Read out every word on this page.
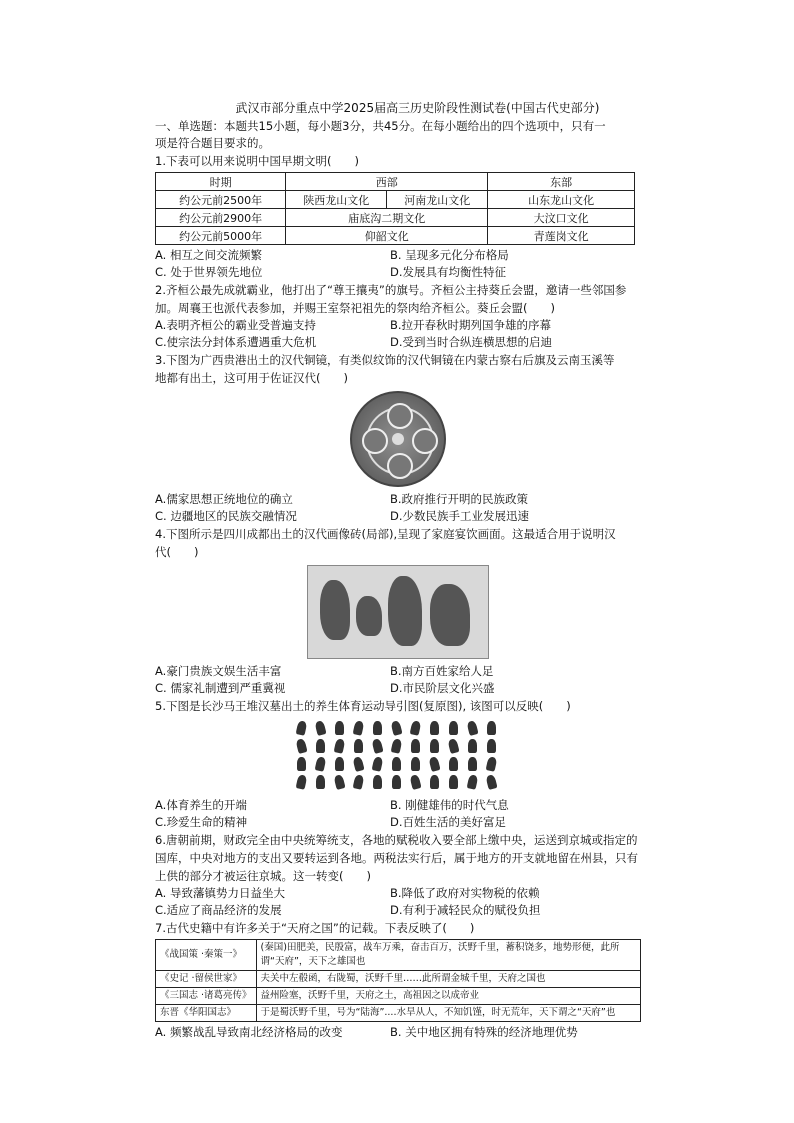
武汉市部分重点中学2025届高三历史阶段性测试卷(中国古代史部分)

一、单选题：本题共15小题，每小题3分，共45分。在每小题给出的四个选项中，只有一
项是符合题目要求的。

1.下表可以用来说明中国早期文明(　　)

时期	西部		东部
约公元前2500年	陕西龙山文化	河南龙山文化	山东龙山文化
约公元前2900年	庙底沟二期文化		大汶口文化
约公元前5000年	仰韶文化		青莲岗文化
A. 相互之间交流频繁	B. 呈现多元化分布格局
C. 处于世界领先地位	D.发展具有均衡性特征

2.齐桓公最先成就霸业，他打出了“尊王攘夷”的旗号。齐桓公主持葵丘会盟，邀请一些邻国参
加。周襄王也派代表参加，并赐王室祭祀祖先的祭肉给齐桓公。葵丘会盟(　　)

A.表明齐桓公的霸业受普遍支持	B.拉开春秋时期列国争雄的序幕
C.使宗法分封体系遭遇重大危机	D.受到当时合纵连横思想的启迪

3.下图为广西贵港出土的汉代铜镜，有类似纹饰的汉代铜镜在内蒙古察右后旗及云南玉溪等
地都有出土，这可用于佐证汉代(　　)

A.儒家思想正统地位的确立	B.政府推行开明的民族政策
C. 边疆地区的民族交融情况	D.少数民族手工业发展迅速

4.下图所示是四川成都出土的汉代画像砖(局部),呈现了家庭宴饮画面。这最适合用于说明汉
代(　　)

A.豪门贵族文娱生活丰富	B.南方百姓家给人足
C. 儒家礼制遭到严重冀视	D.市民阶层文化兴盛

5.下图是长沙马王堆汉墓出土的养生体育运动导引图(复原图), 该图可以反映(　　)

A.体育养生的开端	B. 刚健雄伟的时代气息
C.珍爱生命的精神	D.百姓生活的美好富足

6.唐朝前期，财政完全由中央统筹统支，各地的赋税收入要全部上缴中央，运送到京城或指定的
国库，中央对地方的支出又要转运到各地。两税法实行后，属于地方的开支就地留在州县，只有
上供的部分才被运往京城。这一转变(　　)

A. 导致藩镇势力日益坐大	B.降低了政府对实物税的依赖
C.适应了商品经济的发展	D.有利于减轻民众的赋役负担

7.古代史籍中有许多关于“天府之国”的记载。下表反映了(　　)

《战国策 ·秦策一》	(秦国)田肥美，民殷富，战车万乘，奋击百万，沃野千里，蓄积饶多，地势形便，此所谓“天府”，天下之雄国也
《史记 ·留侯世家》	夫关中左殽函，右陇蜀，沃野千里……此所谓金城千里，天府之国也
《三国志 ·诸葛亮传》	益州险塞，沃野千里，天府之土，高祖因之以成帝业
东晋《华阳国志》	于是蜀沃野千里，号为“陆海”....水旱从人，不知饥馑，时无荒年，天下谓之“天府”也
A. 频繁战乱导致南北经济格局的改变	B. 关中地区拥有特殊的经济地理优势
